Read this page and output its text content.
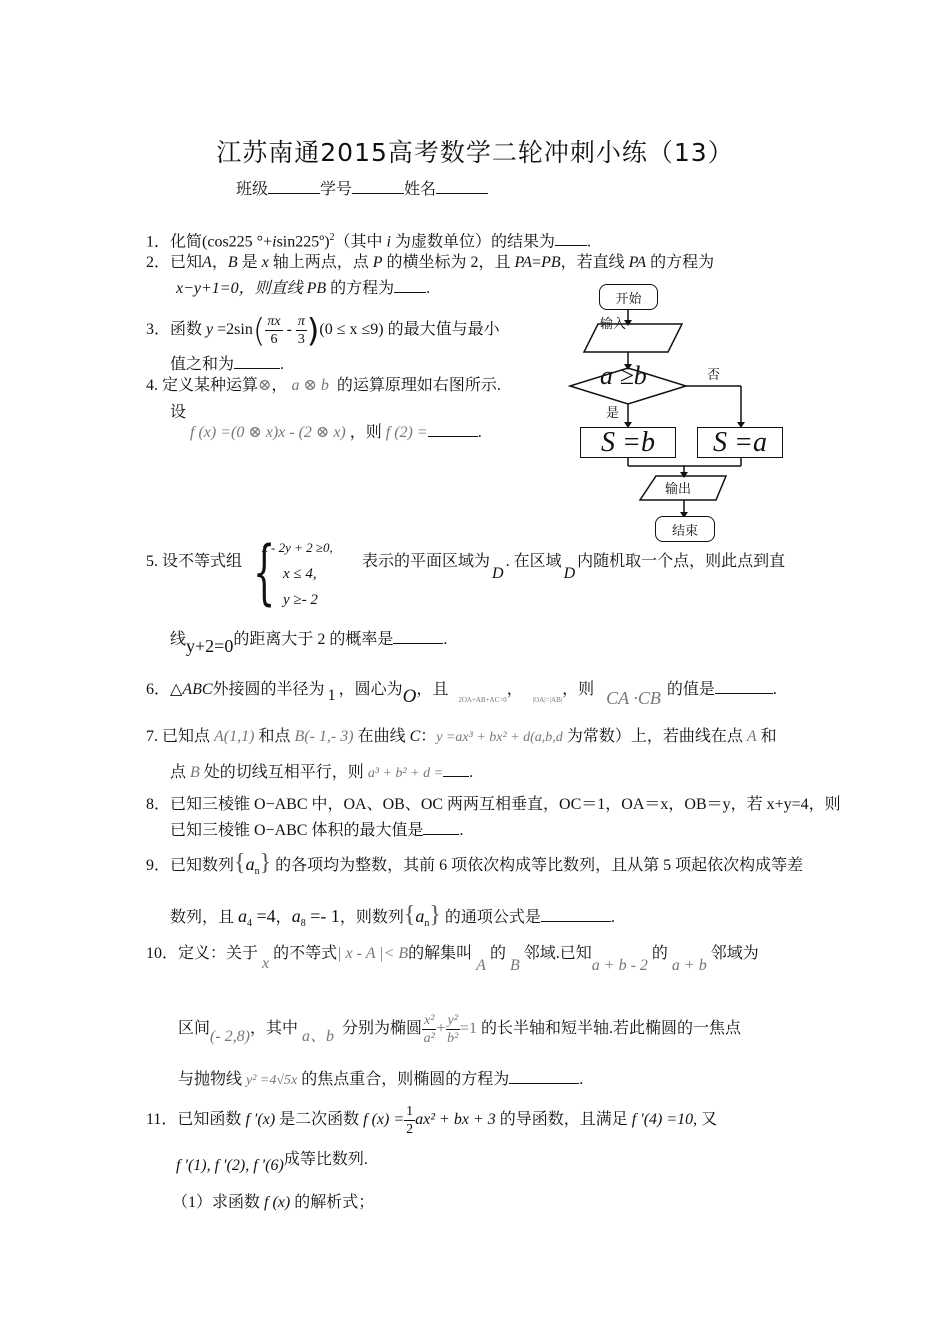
江苏南通2015高考数学二轮冲刺小练（13）
班级	学号	姓名
1．化简(cos225 °+isin225º)$^2$（其中 i 为虚数单位）的结果为 .
2．已知A，B 是 x 轴上两点，点 P 的横坐标为 2，且 PA=PB，若直线 PA 的方程为
x−y+1=0，则直线 PB 的方程为 .
3．函数 $y =2\sin( \frac{\pi x}{6} - \frac{\pi}{3} )(0 \le x \le 9)$ 的最大值与最小
值之和为	.
4. 定义某种运算⊗， a ⊗ b 的运算原理如右图所示.
设
f (x) =(0 ⊗ x)x - (2 ⊗ x) ，则 f (2) =	.
开始
输入
a ≥b	否
是
S =b	S =a
输出
结束
5. 设不等式组 {
x - 2y + 2 ≥0,
x ≤ 4,
y ≥- 2
表示的平面区域为D. 在区域D内随机取一个点，则此点到直
线y+2=0的距离大于 2 的概率是	.
6．△ABC外接圆的半径为 1 ，圆心为O，且$_{2OA+AB+AC=0}$，$_{|OA|=|AB|}$，则 CA ·CB 的值是	.
7. 已知点 A(1,1) 和点 B(- 1,- 3) 在曲线 C：y =ax³ + bx² + d(a,b,d 为常数）上，若曲线在点 A 和
点 B 处的切线互相平行，则 a³ + b² + d = .
8．已知三棱锥 O−ABC 中，OA、OB、OC 两两互相垂直，OC＝1，OA＝x，OB＝y，若 x+y=4，则
已知三棱锥 O−ABC 体积的最大值是 .
9．已知数列$\{a_n\}$ 的各项均为整数，其前 6 项依次构成等比数列，且从第 5 项起依次构成等差
数列，且 $a_4 =4$，$a_8 =- 1$，则数列$\{a_n\}$ 的通项公式是	.
10．定义：关于 x 的不等式| x - A |< B的解集叫 A 的 B 邻域.已知a + b - 2 的 a + b 邻域为
区间(- 2,8)，其中 a、b 分别为椭圆 $\frac{\text{x²}}{\text{a²}}+ \frac{\text{y²}}{\text{b²}}=1$ 的长半轴和短半轴.若此椭圆的一焦点
与抛物线 y² =4√5x 的焦点重合，则椭圆的方程为	.
11．已知函数 f ′(x) 是二次函数 f $(x) = \frac{1}{2} ax^2$ + bx + 3 的导函数，且满足 f ′(4) =10, 又
f ′(1), f ′(2), f ′(6)成等比数列.
（1）求函数 f (x) 的解析式；
